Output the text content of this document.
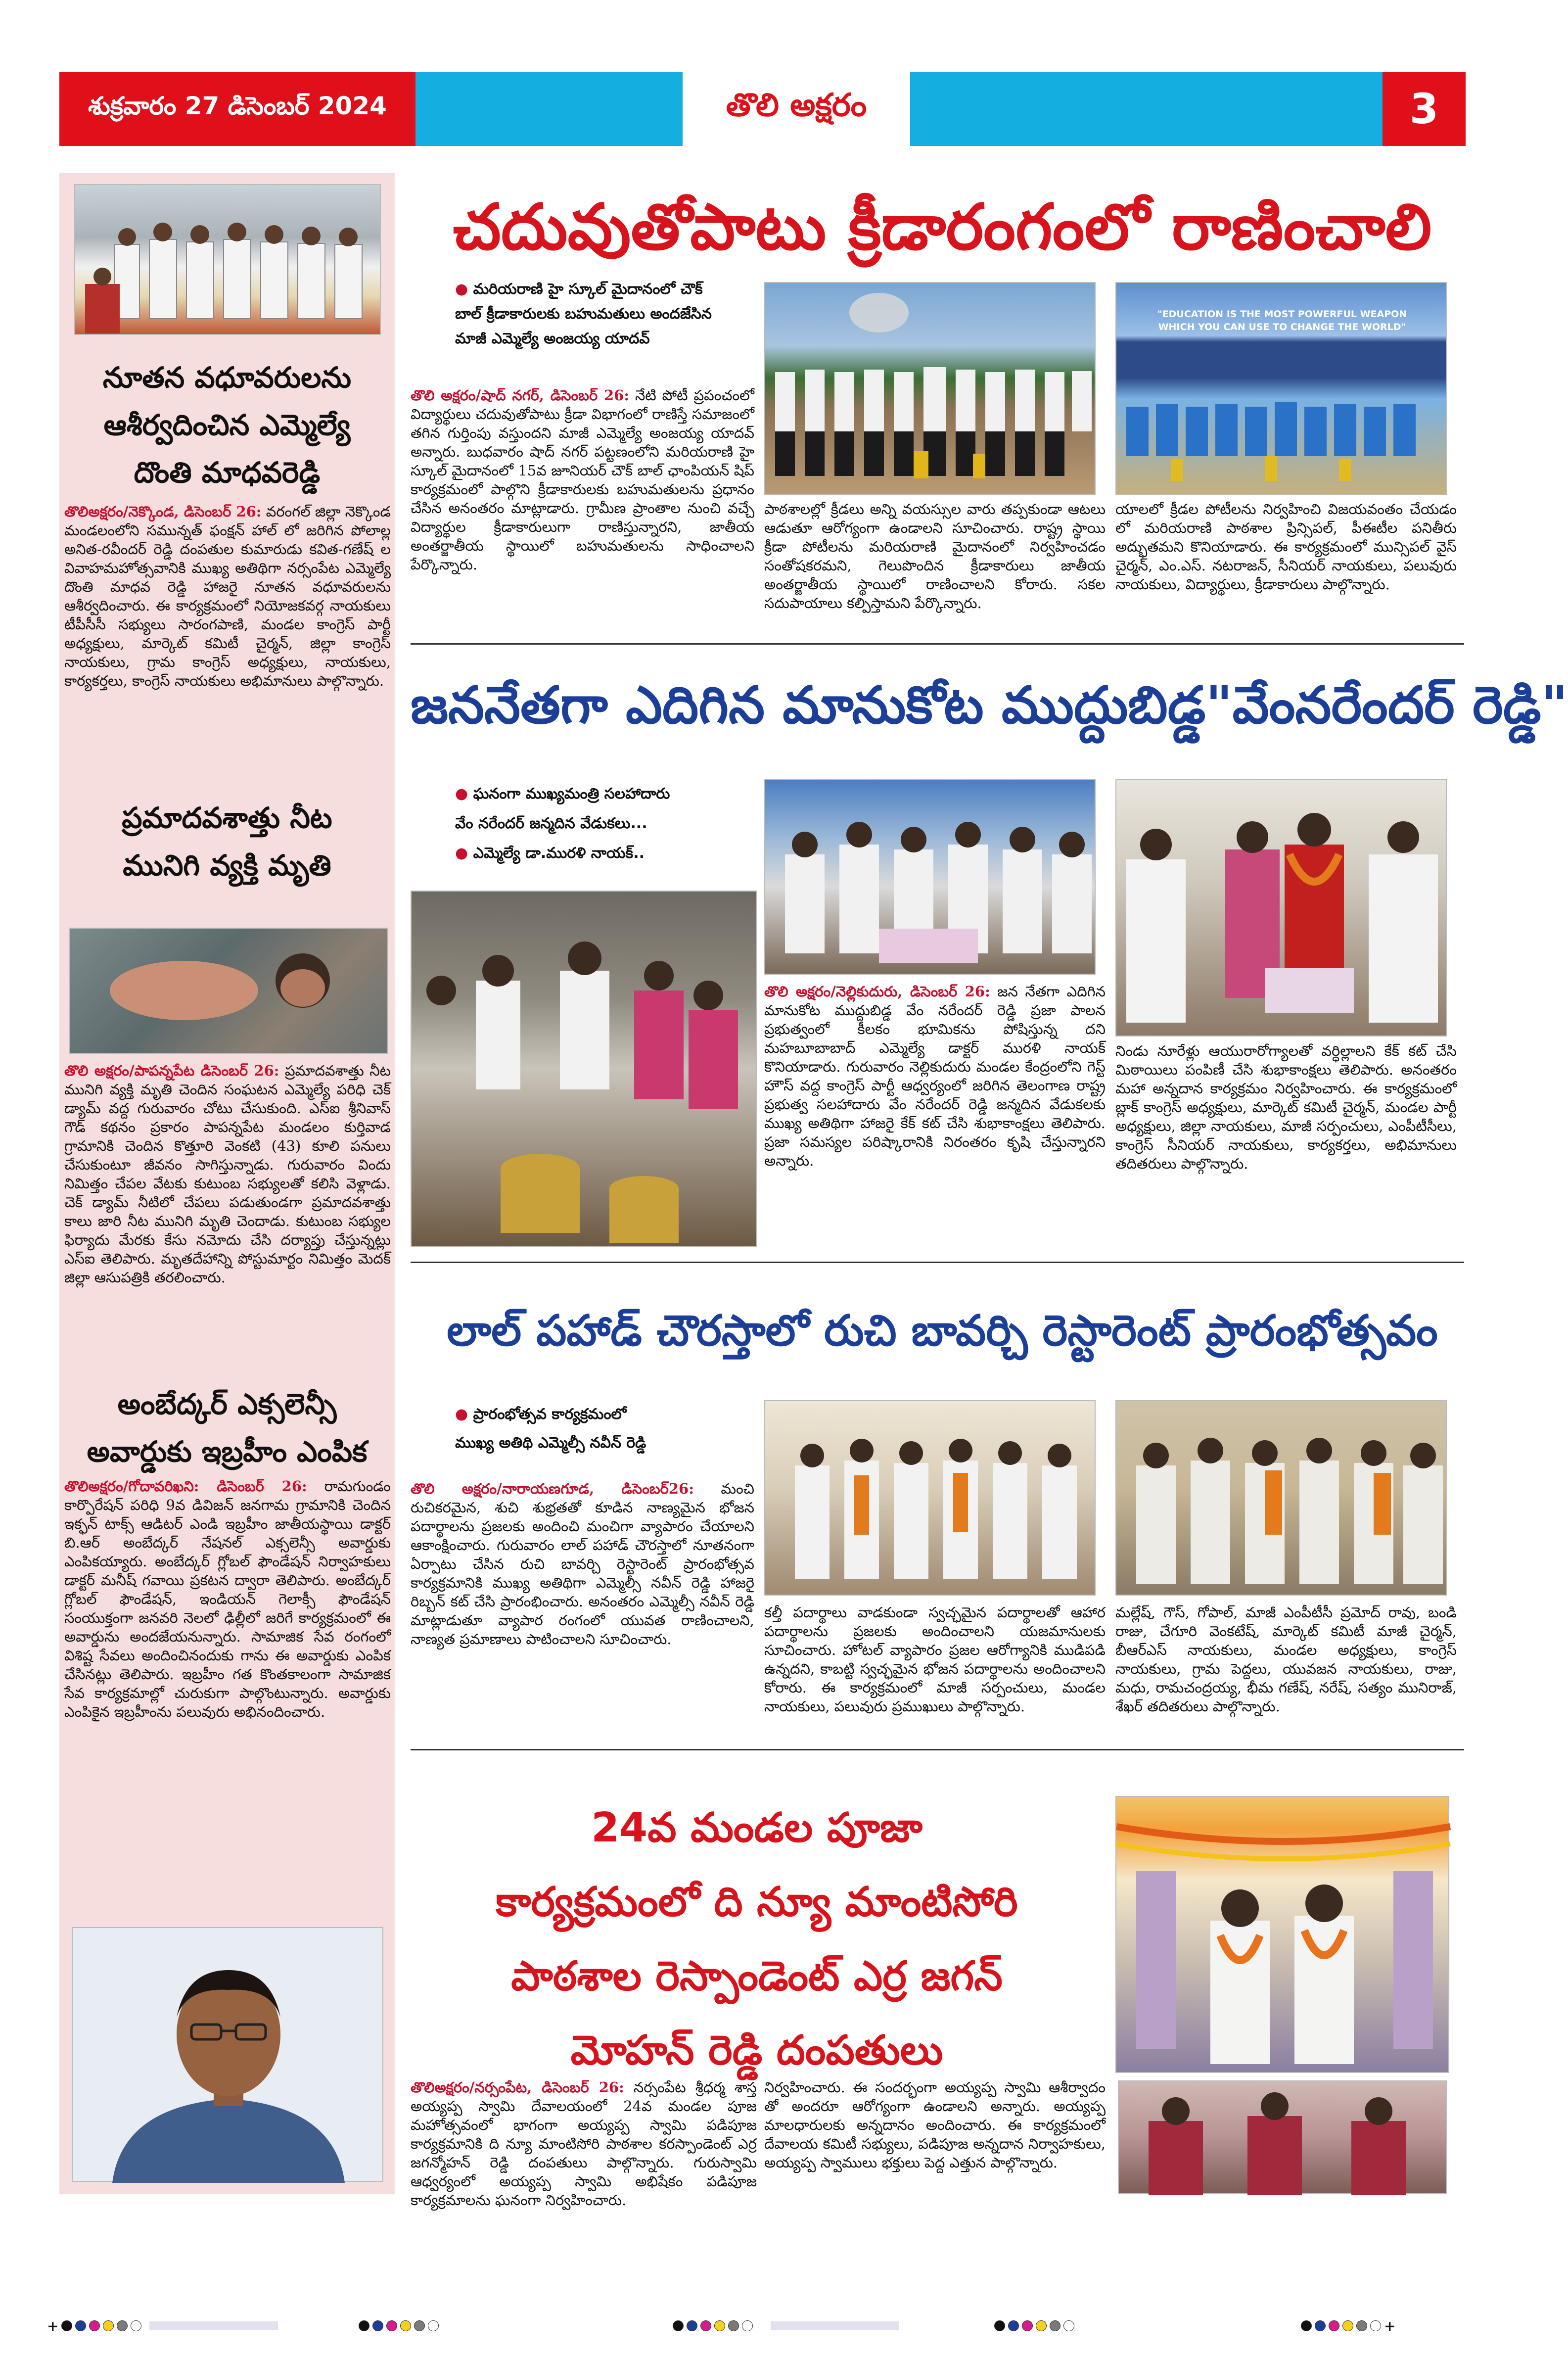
శుక్రవారం 27 డిసెంబర్ 2024	తొలి అక్షరం	3
నూతన వధూవరులను
ఆశీర్వదించిన ఎమ్మెల్యే
దొంతి మాధవరెడ్డి
తొలిఅక్షరం/నెక్కొండ, డిసెంబర్ 26: వరంగల్ జిల్లా నెక్కొండ మండలంలోని సమున్నత్ ఫంక్షన్ హాల్ లో జరిగిన పోలాల్ల అనిత-రవీందర్ రెడ్డి దంపతుల కుమారుడు కవిత-గణేష్ ల వివాహమహోత్సవానికి ముఖ్య అతిథిగా నర్సంపేట ఎమ్మెల్యే దొంతి మాధవ రెడ్డి హాజరై నూతన వధూవరులను ఆశీర్వదించారు. ఈ కార్యక్రమంలో నియోజకవర్గ నాయకులు టీపీసీసీ సభ్యులు సారంగపాణి, మండల కాంగ్రెస్ పార్టీ అధ్యక్షులు, మార్కెట్ కమిటీ చైర్మన్, జిల్లా కాంగ్రెస్ నాయకులు, గ్రామ కాంగ్రెస్ అధ్యక్షులు, నాయకులు, కార్యకర్తలు, కాంగ్రెస్ నాయకులు అభిమానులు పాల్గొన్నారు.
ప్రమాదవశాత్తు నీట
మునిగి వ్యక్తి మృతి
తొలి అక్షరం/పాపన్నపేట డిసెంబర్ 26: ప్రమాదవశాత్తు నీట మునిగి వ్యక్తి మృతి చెందిన సంఘటన ఎమ్మెల్యే పరిధి చెక్ డ్యామ్ వద్ద గురువారం చోటు చేసుకుంది. ఎస్ఐ శ్రీనివాస్ గౌడ్ కథనం ప్రకారం పాపన్నపేట మండలం కుర్తివాడ గ్రామానికి చెందిన కొత్తూరి వెంకటి (43) కూలి పనులు చేసుకుంటూ జీవనం సాగిస్తున్నాడు. గురువారం విందు నిమిత్తం చేపల వేటకు కుటుంబ సభ్యులతో కలిసి వెళ్లాడు. చెక్ డ్యామ్ నీటిలో చేపలు పడుతుండగా ప్రమాదవశాత్తు కాలు జారి నీట మునిగి మృతి చెందాడు. కుటుంబ సభ్యుల ఫిర్యాదు మేరకు కేసు నమోదు చేసి దర్యాప్తు చేస్తున్నట్లు ఎస్ఐ తెలిపారు. మృతదేహాన్ని పోస్టుమార్టం నిమిత్తం మెదక్ జిల్లా ఆసుపత్రికి తరలించారు.
అంబేద్కర్ ఎక్సలెన్సీ
అవార్డుకు ఇబ్రహీం ఎంపిక
తొలిఅక్షరం/గోదావరిఖని: డిసెంబర్ 26: రామగుండం కార్పొరేషన్ పరిధి 9వ డివిజన్ జనగామ గ్రామానికి చెందిన ఇక్ఫన్ టాక్స్ ఆడిటర్ ఎండి ఇబ్రహీం జాతీయస్థాయి డాక్టర్ బి.ఆర్ అంబేద్కర్ నేషనల్ ఎక్సలెన్సీ అవార్డుకు ఎంపికయ్యారు. అంబేద్కర్ గ్లోబల్ ఫౌండేషన్ నిర్వాహకులు డాక్టర్ మనీష్ గవాయి ప్రకటన ద్వారా తెలిపారు. అంబేద్కర్ గ్లోబల్ ఫౌండేషన్, ఇండియన్ గెలాక్సీ ఫౌండేషన్ సంయుక్తంగా జనవరి నెలలో ఢిల్లీలో జరిగే కార్యక్రమంలో ఈ అవార్డును అందజేయనున్నారు. సామాజిక సేవ రంగంలో విశిష్ట సేవలు అందించినందుకు గాను ఈ అవార్డుకు ఎంపిక చేసినట్లు తెలిపారు. ఇబ్రహీం గత కొంతకాలంగా సామాజిక సేవ కార్యక్రమాల్లో చురుకుగా పాల్గొంటున్నారు. అవార్డుకు ఎంపికైన ఇబ్రహీంను పలువురు అభినందించారు.
చదువుతోపాటు క్రీడారంగంలో రాణించాలి
● మరియరాణి హై స్కూల్ మైదానంలో చౌక్
బాల్ క్రీడాకారులకు బహుమతులు అందజేసిన
మాజీ ఎమ్మెల్యే అంజయ్య యాదవ్
"EDUCATION IS THE MOST POWERFUL WEAPON
WHICH YOU CAN USE TO CHANGE THE WORLD"
తొలి అక్షరం/షాద్ నగర్, డిసెంబర్ 26: నేటి పోటీ ప్రపంచంలో విద్యార్థులు చదువుతోపాటు క్రీడా విభాగంలో రాణిస్తే సమాజంలో తగిన గుర్తింపు వస్తుందని మాజీ ఎమ్మెల్యే అంజయ్య యాదవ్ అన్నారు. బుధవారం షాద్ నగర్ పట్టణంలోని మరియరాణి హై స్కూల్ మైదానంలో 15వ జూనియర్ చౌక్ బాల్ ఛాంపియన్ షిప్ కార్యక్రమంలో పాల్గొని క్రీడాకారులకు బహుమతులను ప్రధానం చేసిన అనంతరం మాట్లాడారు. గ్రామీణ ప్రాంతాల నుంచి వచ్చే విద్యార్థుల క్రీడాకారులుగా రాణిస్తున్నారని, జాతీయ అంతర్జాతీయ స్థాయిలో బహుమతులను సాధించాలని పేర్కొన్నారు.
పాఠశాలల్లో క్రీడలు అన్ని వయస్సుల వారు తప్పకుండా ఆటలు ఆడుతూ ఆరోగ్యంగా ఉండాలని సూచించారు. రాష్ట్ర స్థాయి క్రీడా పోటీలను మరియరాణి మైదానంలో నిర్వహించడం సంతోషకరమని, గెలుపొందిన క్రీడాకారులు జాతీయ అంతర్జాతీయ స్థాయిలో రాణించాలని కోరారు. సకల సదుపాయాలు కల్పిస్తామని పేర్కొన్నారు.
యాలలో క్రీడల పోటీలను నిర్వహించి విజయవంతం చేయడం లో మరియరాణి పాఠశాల ప్రిన్సిపల్, పీఈటీల పనితీరు అద్భుతమని కొనియాడారు. ఈ కార్యక్రమంలో మున్సిపల్ వైస్ చైర్మన్, ఎం.ఎస్. నటరాజన్, సీనియర్ నాయకులు, పలువురు నాయకులు, విద్యార్థులు, క్రీడాకారులు పాల్గొన్నారు.
జననేతగా ఎదిగిన మానుకోట ముద్దుబిడ్డ"వేంనరేందర్ రెడ్డి"
● ఘనంగా ముఖ్యమంత్రి సలహాదారు
వేం నరేందర్ జన్మదిన వేడుకలు...
● ఎమ్మెల్యే డా.మురళి నాయక్..
తొలి అక్షరం/నెల్లికుదురు, డిసెంబర్ 26: జన నేతగా ఎదిగిన మానుకోట ముద్దుబిడ్డ వేం నరేందర్ రెడ్డి ప్రజా పాలన ప్రభుత్వంలో కీలకం భూమికను పోషిస్తున్న దని మహబూబాబాద్ ఎమ్మెల్యే డాక్టర్ మురళి నాయక్ కొనియాడారు. గురువారం నెల్లికుదురు మండల కేంద్రంలోని గెస్ట్ హౌస్ వద్ద కాంగ్రెస్ పార్టీ ఆధ్వర్యంలో జరిగిన తెలంగాణ రాష్ట్ర ప్రభుత్వ సలహాదారు వేం నరేందర్ రెడ్డి జన్మదిన వేడుకలకు ముఖ్య అతిథిగా హాజరై కేక్ కట్ చేసి శుభాకాంక్షలు తెలిపారు. ప్రజా సమస్యల పరిష్కారానికి నిరంతరం కృషి చేస్తున్నారని అన్నారు.
నిండు నూరేళ్లు ఆయురారోగ్యాలతో వర్ధిల్లాలని కేక్ కట్ చేసి మిఠాయిలు పంపిణీ చేసి శుభాకాంక్షలు తెలిపారు. అనంతరం మహా అన్నదాన కార్యక్రమం నిర్వహించారు. ఈ కార్యక్రమంలో బ్లాక్ కాంగ్రెస్ అధ్యక్షులు, మార్కెట్ కమిటీ చైర్మన్, మండల పార్టీ అధ్యక్షులు, జిల్లా నాయకులు, మాజీ సర్పంచులు, ఎంపీటీసీలు, కాంగ్రెస్ సీనియర్ నాయకులు, కార్యకర్తలు, అభిమానులు తదితరులు పాల్గొన్నారు.
లాల్ పహాడ్ చౌరస్తాలో రుచి బావర్చి రెస్టారెంట్ ప్రారంభోత్సవం
● ప్రారంభోత్సవ కార్యక్రమంలో
ముఖ్య అతిథి ఎమ్మెల్సీ నవీన్ రెడ్డి
తొలి అక్షరం/నారాయణగూడ, డిసెంబర్26: మంచి రుచికరమైన, శుచి శుభ్రతతో కూడిన నాణ్యమైన భోజన పదార్థాలను ప్రజలకు అందించి మంచిగా వ్యాపారం చేయాలని ఆకాంక్షించారు. గురువారం లాల్ పహాడ్ చౌరస్తాలో నూతనంగా ఏర్పాటు చేసిన రుచి బావర్చి రెస్టారెంట్ ప్రారంభోత్సవ కార్యక్రమానికి ముఖ్య అతిథిగా ఎమ్మెల్సీ నవీన్ రెడ్డి హాజరై రిబ్బన్ కట్ చేసి ప్రారంభించారు. అనంతరం ఎమ్మెల్సీ నవీన్ రెడ్డి మాట్లాడుతూ వ్యాపార రంగంలో యువత రాణించాలని, నాణ్యత ప్రమాణాలు పాటించాలని సూచించారు.
కల్తీ పదార్థాలు వాడకుండా స్వచ్ఛమైన పదార్థాలతో ఆహార పదార్థాలను ప్రజలకు అందించాలని యజమానులకు సూచించారు. హోటల్ వ్యాపారం ప్రజల ఆరోగ్యానికి ముడిపడి ఉన్నదని, కాబట్టి స్వచ్ఛమైన భోజన పదార్థాలను అందించాలని కోరారు. ఈ కార్యక్రమంలో మాజీ సర్పంచులు, మండల నాయకులు, పలువురు ప్రముఖులు పాల్గొన్నారు.
మల్లేష్, గౌస్, గోపాల్, మాజీ ఎంపీటీసీ ప్రమోద్ రావు, బండి రాజు, చేగూరి వెంకటేష్, మార్కెట్ కమిటీ మాజీ చైర్మన్, బీఆర్ఎస్ నాయకులు, మండల అధ్యక్షులు, కాంగ్రెస్ నాయకులు, గ్రామ పెద్దలు, యువజన నాయకులు, రాజు, మధు, రామచంద్రయ్య, భీమ గణేష్, నరేష్, సత్యం మునిరాజ్, శేఖర్ తదితరులు పాల్గొన్నారు.
24వ మండల పూజా
కార్యక్రమంలో ది న్యూ మాంటిసోరి
పాఠశాల రెస్పాండెంట్ ఎర్ర జగన్
మోహన్ రెడ్డి దంపతులు
తొలిఅక్షరం/నర్సంపేట, డిసెంబర్ 26: నర్సంపేట శ్రీధర్మ శాస్త అయ్యప్ప స్వామి దేవాలయంలో 24వ మండల పూజ మహోత్సవంలో భాగంగా అయ్యప్ప స్వామి పడిపూజ కార్యక్రమానికి ది న్యూ మాంటిసోరి పాఠశాల కరస్పాండెంట్ ఎర్ర జగన్మోహన్ రెడ్డి దంపతులు పాల్గొన్నారు. గురుస్వామి ఆధ్వర్యంలో అయ్యప్ప స్వామి అభిషేకం పడిపూజ కార్యక్రమాలను ఘనంగా నిర్వహించారు.
నిర్వహించారు. ఈ సందర్భంగా అయ్యప్ప స్వామి ఆశీర్వాదం తో అందరూ ఆరోగ్యంగా ఉండాలని అన్నారు. అయ్యప్ప మాలధారులకు అన్నదానం అందించారు. ఈ కార్యక్రమంలో దేవాలయ కమిటీ సభ్యులు, పడిపూజ అన్నదాన నిర్వాహకులు, అయ్యప్ప స్వాములు భక్తులు పెద్ద ఎత్తున పాల్గొన్నారు.
+	+
